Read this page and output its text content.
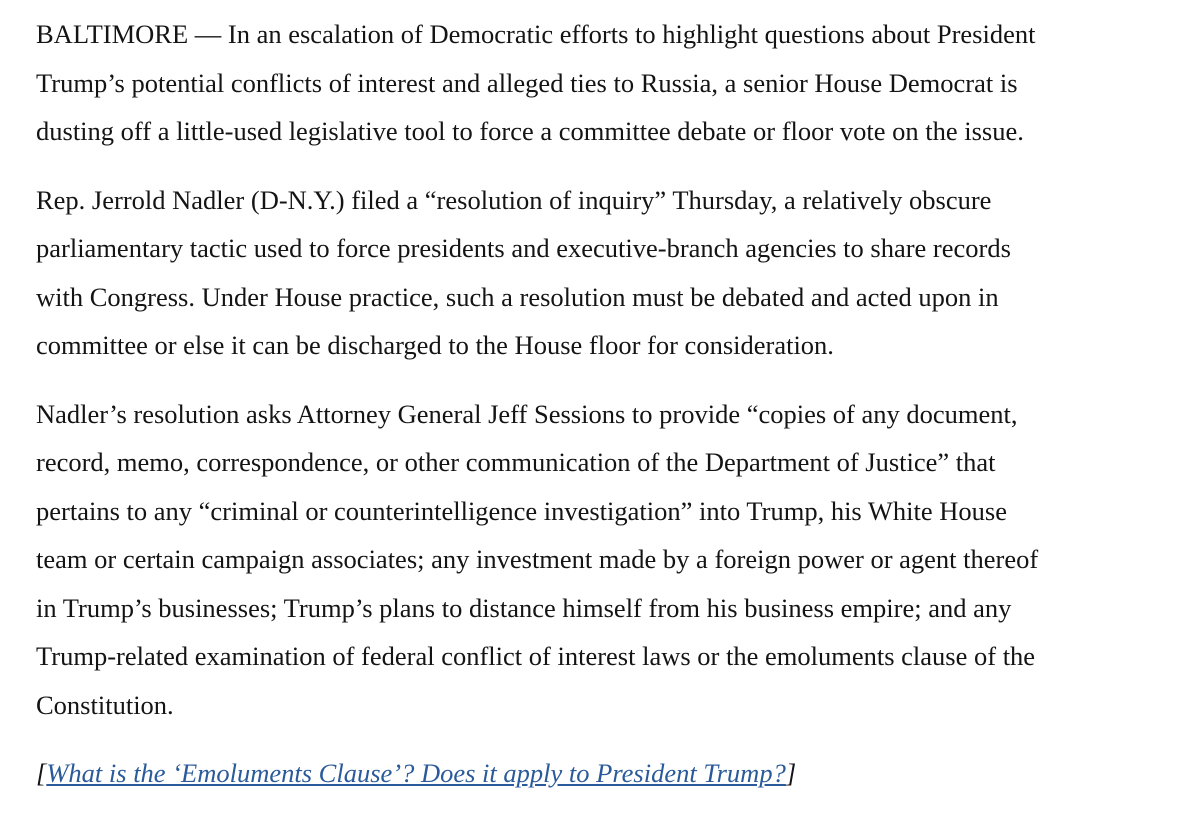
BALTIMORE — In an escalation of Democratic efforts to highlight questions about President
Trump’s potential conflicts of interest and alleged ties to Russia, a senior House Democrat is
dusting off a little-used legislative tool to force a committee debate or floor vote on the issue.

Rep. Jerrold Nadler (D-N.Y.) filed a “resolution of inquiry” Thursday, a relatively obscure
parliamentary tactic used to force presidents and executive-branch agencies to share records
with Congress. Under House practice, such a resolution must be debated and acted upon in
committee or else it can be discharged to the House floor for consideration.

Nadler’s resolution asks Attorney General Jeff Sessions to provide “copies of any document,
record, memo, correspondence, or other communication of the Department of Justice” that
pertains to any “criminal or counterintelligence investigation” into Trump, his White House
team or certain campaign associates; any investment made by a foreign power or agent thereof
in Trump’s businesses; Trump’s plans to distance himself from his business empire; and any
Trump-related examination of federal conflict of interest laws or the emoluments clause of the
Constitution.

[What is the ‘Emoluments Clause’? Does it apply to President Trump?]
